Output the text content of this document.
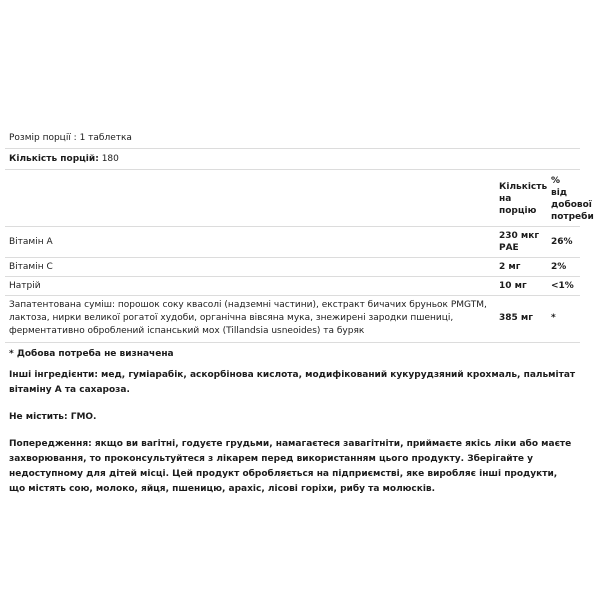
Розмір порції : 1 таблетка
Кількість порцій: 180
	Кількість на порцію	% від добової потреби
Вітамін А	230 мкг РАЕ	26%
Вітамін С	2 мг	2%
Натрій	10 мг	<1%
Запатентована суміш: порошок соку квасолі (надземні частини), екстракт бичачих бруньок PMGTM, лактоза, нирки великої рогатої худоби, органічна вівсяна мука, знежирені зародки пшениці, ферментативно оброблений іспанський мох (Tillandsia usneoides) та буряк	385 мг	*

* Добова потреба не визначена

Інші інгредієнти: мед, гуміарабік, аскорбінова кислота, модифікований кукурудзяний крохмаль, пальмітат вітаміну А та сахароза.

Не містить: ГМО.

Попередження: якщо ви вагітні, годуєте грудьми, намагаєтеся завагітніти, приймаєте якісь ліки або маєте захворювання, то проконсультуйтеся з лікарем перед використанням цього продукту. Зберігайте у недоступному для дітей місці. Цей продукт обробляється на підприємстві, яке виробляє інші продукти, що містять сою, молоко, яйця, пшеницю, арахіс, лісові горіхи, рибу та молюсків.
